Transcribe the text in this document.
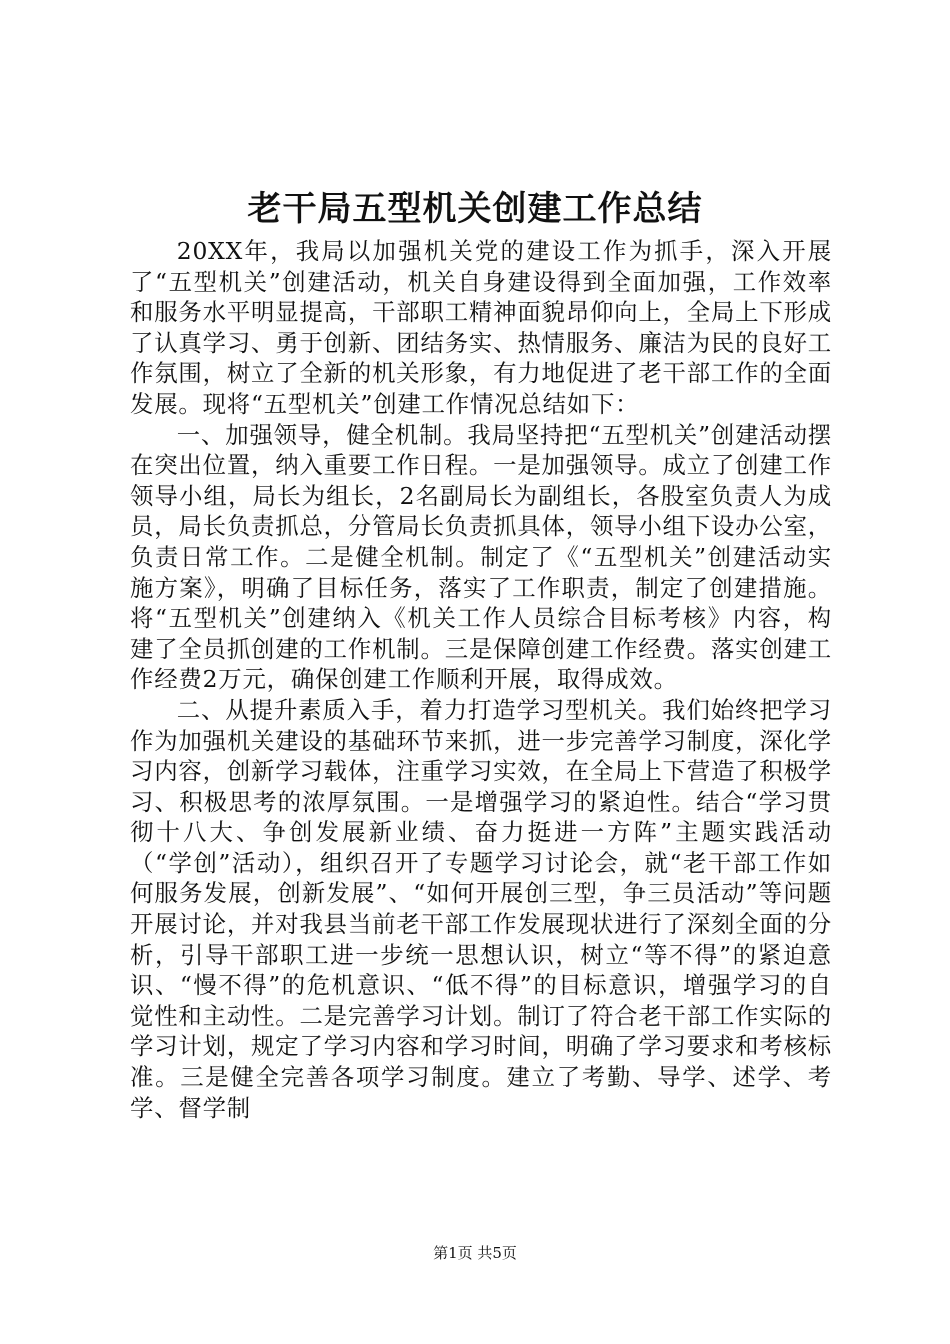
老干局五型机关创建工作总结

20XX年，我局以加强机关党的建设工作为抓手，深入开展了“五型机关”创建活动，机关自身建设得到全面加强，工作效率和服务水平明显提高，干部职工精神面貌昂仰向上，全局上下形成了认真学习、勇于创新、团结务实、热情服务、廉洁为民的良好工作氛围，树立了全新的机关形象，有力地促进了老干部工作的全面发展。现将“五型机关”创建工作情况总结如下：

一、加强领导，健全机制。我局坚持把“五型机关”创建活动摆在突出位置，纳入重要工作日程。一是加强领导。成立了创建工作领导小组，局长为组长，2名副局长为副组长，各股室负责人为成员，局长负责抓总，分管局长负责抓具体，领导小组下设办公室，负责日常工作。二是健全机制。制定了《“五型机关”创建活动实施方案》，明确了目标任务，落实了工作职责，制定了创建措施。将“五型机关”创建纳入《机关工作人员综合目标考核》内容，构建了全员抓创建的工作机制。三是保障创建工作经费。落实创建工作经费2万元，确保创建工作顺利开展，取得成效。

二、从提升素质入手，着力打造学习型机关。我们始终把学习作为加强机关建设的基础环节来抓，进一步完善学习制度，深化学习内容，创新学习载体，注重学习实效，在全局上下营造了积极学习、积极思考的浓厚氛围。一是增强学习的紧迫性。结合“学习贯彻十八大、争创发展新业绩、奋力挺进一方阵”主题实践活动（“学创”活动），组织召开了专题学习讨论会，就“老干部工作如何服务发展，创新发展”、“如何开展创三型，争三员活动”等问题开展讨论，并对我县当前老干部工作发展现状进行了深刻全面的分析，引导干部职工进一步统一思想认识，树立“等不得”的紧迫意识、“慢不得”的危机意识、“低不得”的目标意识，增强学习的自觉性和主动性。二是完善学习计划。制订了符合老干部工作实际的学习计划，规定了学习内容和学习时间，明确了学习要求和考核标准。三是健全完善各项学习制度。建立了考勤、导学、述学、考学、督学制

第1页 共5页
